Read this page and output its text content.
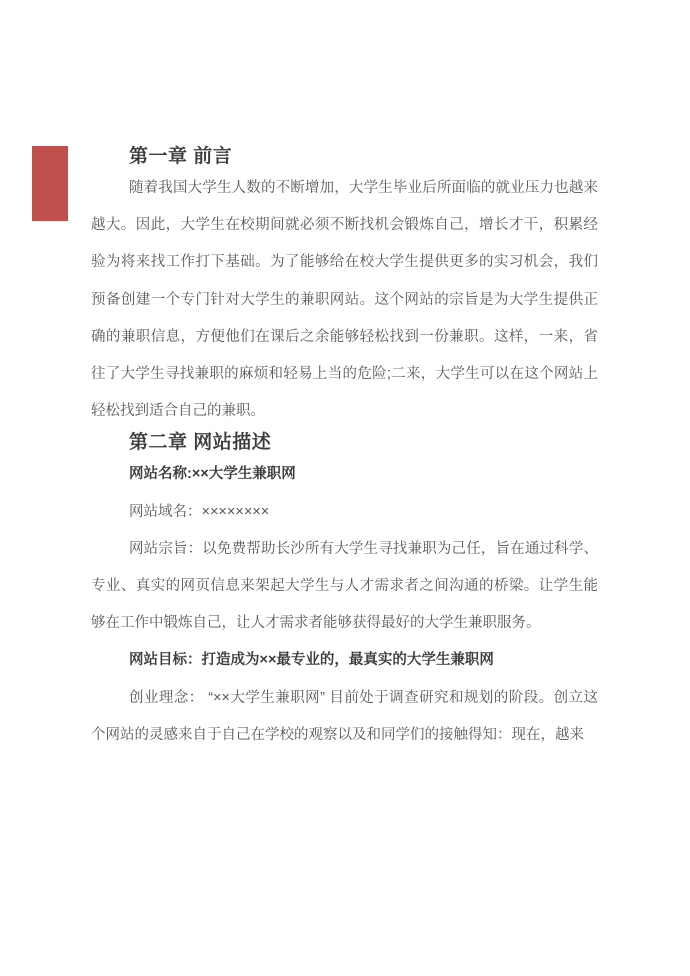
第一章 前言

随着我国大学生人数的不断增加，大学生毕业后所面临的就业压力也越来越大。因此，大学生在校期间就必须不断找机会锻炼自己，增长才干，积累经验为将来找工作打下基础。为了能够给在校大学生提供更多的实习机会，我们预备创建一个专门针对大学生的兼职网站。这个网站的宗旨是为大学生提供正确的兼职信息，方便他们在课后之余能够轻松找到一份兼职。这样，一来，省往了大学生寻找兼职的麻烦和轻易上当的危险;二来，大学生可以在这个网站上轻松找到适合自己的兼职。

第二章 网站描述

网站名称:××大学生兼职网

网站域名：××××××××

网站宗旨：以免费帮助长沙所有大学生寻找兼职为己任，旨在通过科学、专业、真实的网页信息来架起大学生与人才需求者之间沟通的桥梁。让学生能够在工作中锻炼自己，让人才需求者能够获得最好的大学生兼职服务。

网站目标：打造成为××最专业的，最真实的大学生兼职网

创业理念： “××大学生兼职网” 目前处于调查研究和规划的阶段。创立这个网站的灵感来自于自己在学校的观察以及和同学们的接触得知：现在，越来
